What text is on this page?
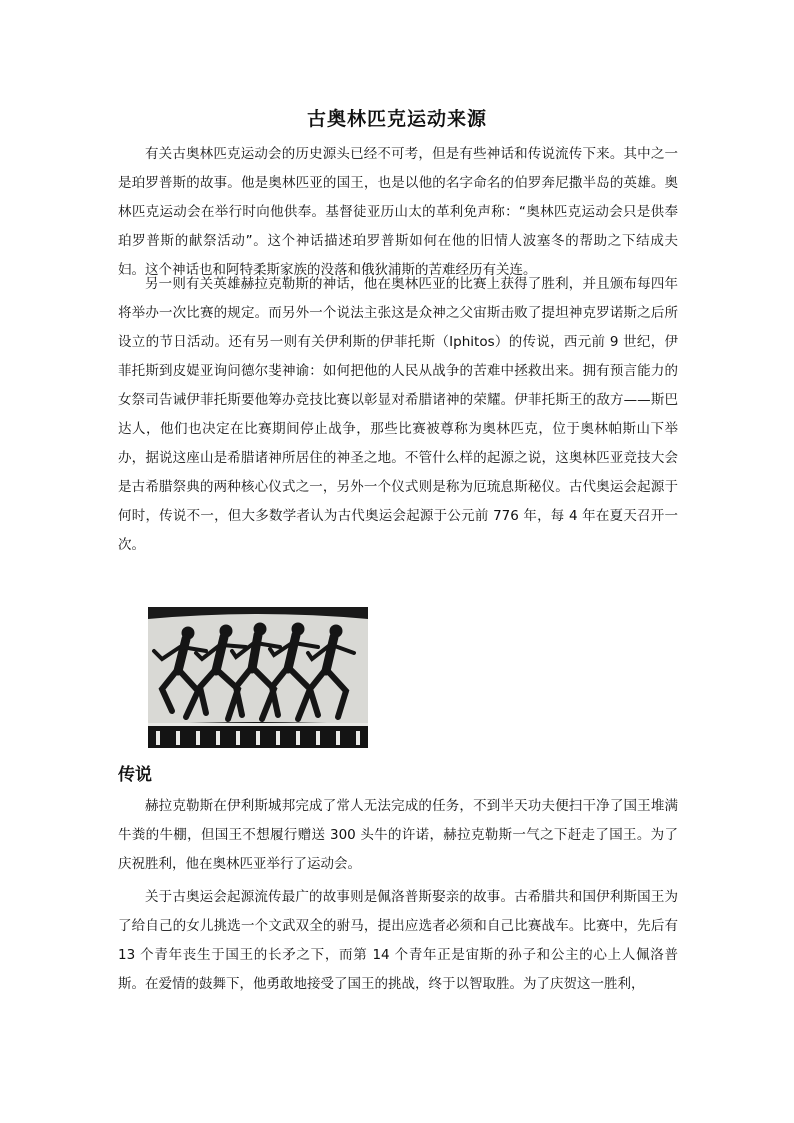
古奥林匹克运动来源

有关古奥林匹克运动会的历史源头已经不可考，但是有些神话和传说流传下来。其中之一是珀罗普斯的故事。他是奥林匹亚的国王，也是以他的名字命名的伯罗奔尼撒半岛的英雄。奥林匹克运动会在举行时向他供奉。基督徒亚历山太的革利免声称：“奥林匹克运动会只是供奉珀罗普斯的献祭活动”。这个神话描述珀罗普斯如何在他的旧情人波塞冬的帮助之下结成夫妇。这个神话也和阿特柔斯家族的没落和俄狄浦斯的苦难经历有关连。

另一则有关英雄赫拉克勒斯的神话，他在奥林匹亚的比赛上获得了胜利，并且颁布每四年将举办一次比赛的规定。而另外一个说法主张这是众神之父宙斯击败了提坦神克罗诺斯之后所设立的节日活动。还有另一则有关伊利斯的伊菲托斯（Iphitos）的传说，西元前 9 世纪，伊菲托斯到皮媞亚询问德尔斐神谕：如何把他的人民从战争的苦难中拯救出来。拥有预言能力的女祭司告诫伊菲托斯要他筹办竞技比赛以彰显对希腊诸神的荣耀。伊菲托斯王的敌方——斯巴达人，他们也决定在比赛期间停止战争，那些比赛被尊称为奥林匹克，位于奥林帕斯山下举办，据说这座山是希腊诸神所居住的神圣之地。不管什么样的起源之说，这奥林匹亚竞技大会是古希腊祭典的两种核心仪式之一，另外一个仪式则是称为厄琉息斯秘仪。古代奥运会起源于何时，传说不一，但大多数学者认为古代奥运会起源于公元前 776 年，每 4 年在夏天召开一次。

传说

赫拉克勒斯在伊利斯城邦完成了常人无法完成的任务，不到半天功夫便扫干净了国王堆满牛粪的牛棚，但国王不想履行赠送 300 头牛的许诺，赫拉克勒斯一气之下赶走了国王。为了庆祝胜利，他在奥林匹亚举行了运动会。

关于古奥运会起源流传最广的故事则是佩洛普斯娶亲的故事。古希腊共和国伊利斯国王为了给自己的女儿挑选一个文武双全的驸马，提出应选者必须和自己比赛战车。比赛中，先后有 13 个青年丧生于国王的长矛之下，而第 14 个青年正是宙斯的孙子和公主的心上人佩洛普斯。在爱情的鼓舞下，他勇敢地接受了国王的挑战，终于以智取胜。为了庆贺这一胜利，
